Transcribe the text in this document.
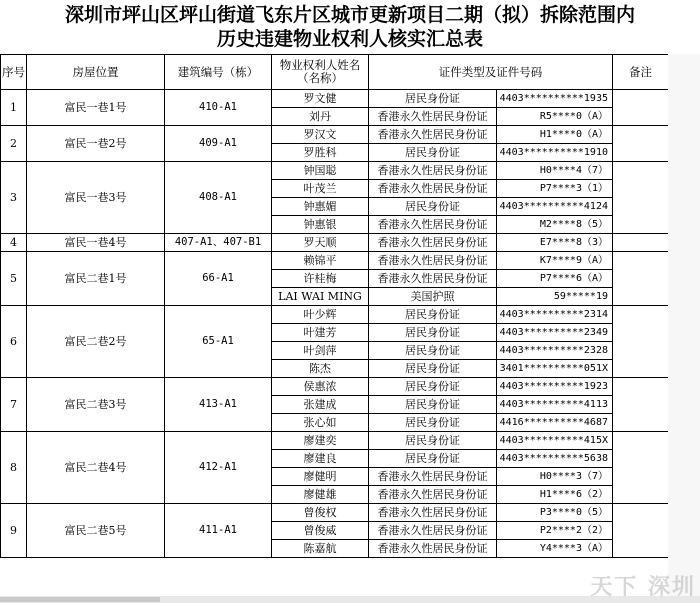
深圳市坪山区坪山街道飞东片区城市更新项目二期（拟）拆除范围内
历史违建物业权利人核实汇总表
序号	房屋位置	建筑编号（栋）	物业权利人姓名（名称）	证件类型及证件号码		备注
1	富民一巷1号	410-A1	罗文健	居民身份证	4403**********1935	
			刘丹	香港永久性居民身份证	R5****0（A）	
2	富民一巷2号	409-A1	罗汉文	香港永久性居民身份证	H1****0（A）	
			罗胜科	居民身份证	4403**********1910	
3	富民一巷3号	408-A1	钟国聪	香港永久性居民身份证	H0****4（7）	
			叶茂兰	香港永久性居民身份证	P7****3（1）	
			钟惠媚	居民身份证	4403**********4124	
			钟惠银	香港永久性居民身份证	M2****8（5）	
4	富民一巷4号	407-A1、407-B1	罗天顺	香港永久性居民身份证	E7****8（3）	
5	富民二巷1号	66-A1	赖锦平	香港永久性居民身份证	K7****9（A）	
			许桂梅	香港永久性居民身份证	P7****6（A）	
			LAI WAI MING	美国护照	59*****19	
6	富民二巷2号	65-A1	叶少辉	居民身份证	4403**********2314	
			叶建芳	居民身份证	4403**********2349	
			叶剑萍	居民身份证	4403**********2328	
			陈杰	居民身份证	3401**********051X	
7	富民二巷3号	413-A1	侯惠浓	居民身份证	4403**********1923	
			张建成	居民身份证	4403**********4113	
			张心如	居民身份证	4416**********4687	
8	富民二巷4号	412-A1	廖建奕	居民身份证	4403**********415X	
			廖建良	居民身份证	4403**********5638	
			廖健明	香港永久性居民身份证	H0****3（7）	
			廖健雄	香港永久性居民身份证	H1****6（2）	
9	富民二巷5号	411-A1	曾俊权	香港永久性居民身份证	P3****0（5）	
			曾俊威	香港永久性居民身份证	P2****2（2）	
			陈嘉航	香港永久性居民身份证	Y4****3（A）	
天下 深圳
